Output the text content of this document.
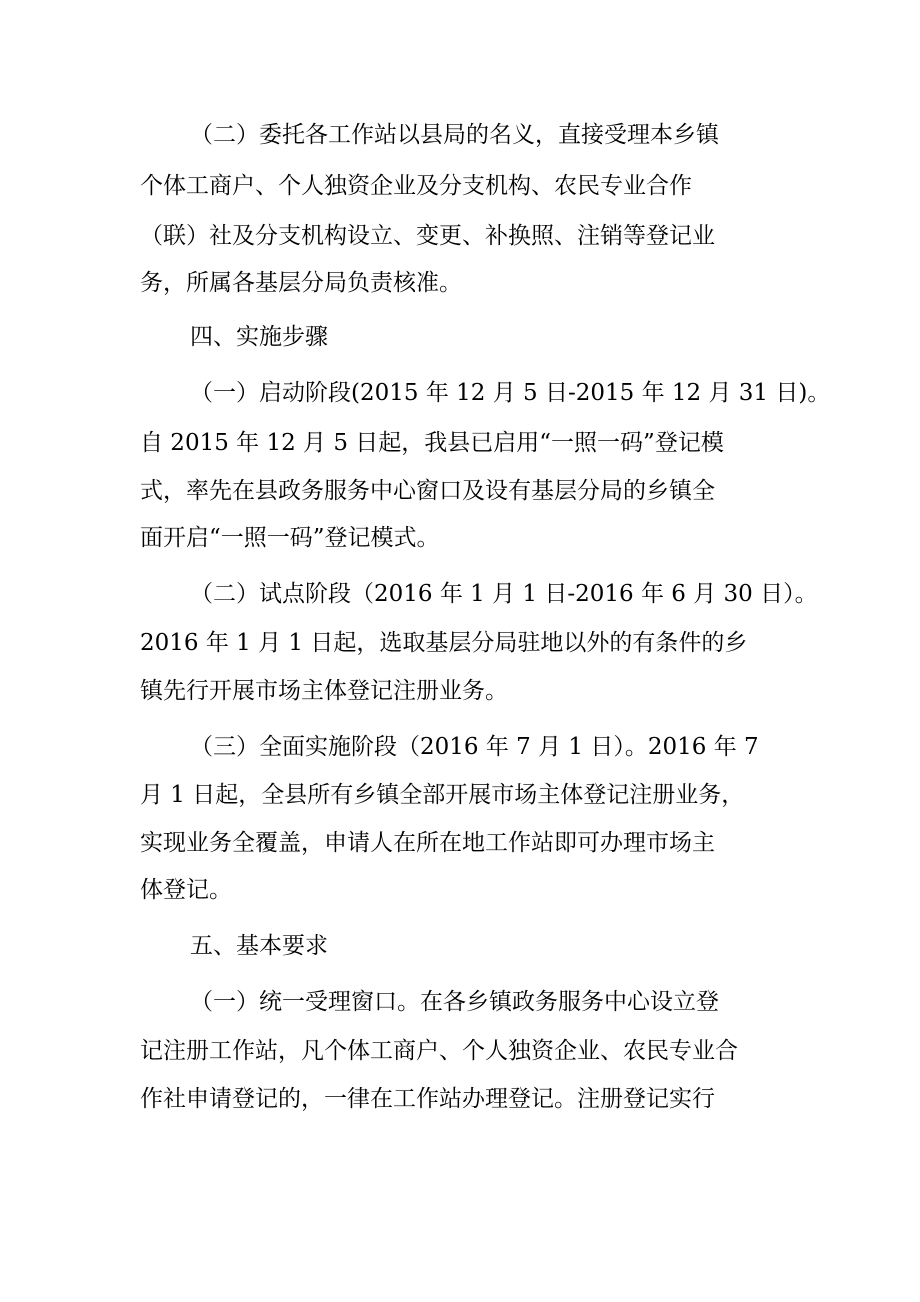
（二）委托各工作站以县局的名义，直接受理本乡镇
个体工商户、个人独资企业及分支机构、农民专业合作
（联）社及分支机构设立、变更、补换照、注销等登记业
务，所属各基层分局负责核准。
四、实施步骤
（一）启动阶段(2015 年 12 月 5 日-2015 年 12 月 31 日)。
自 2015 年 12 月 5 日起，我县已启用“一照一码”登记模
式，率先在县政务服务中心窗口及设有基层分局的乡镇全
面开启“一照一码”登记模式。
（二）试点阶段（2016 年 1 月 1 日-2016 年 6 月 30 日）。
2016 年 1 月 1 日起，选取基层分局驻地以外的有条件的乡
镇先行开展市场主体登记注册业务。
（三）全面实施阶段（2016 年 7 月 1 日）。2016 年 7
月 1 日起，全县所有乡镇全部开展市场主体登记注册业务，
实现业务全覆盖，申请人在所在地工作站即可办理市场主
体登记。
五、基本要求
（一）统一受理窗口。在各乡镇政务服务中心设立登
记注册工作站，凡个体工商户、个人独资企业、农民专业合
作社申请登记的，一律在工作站办理登记。注册登记实行
